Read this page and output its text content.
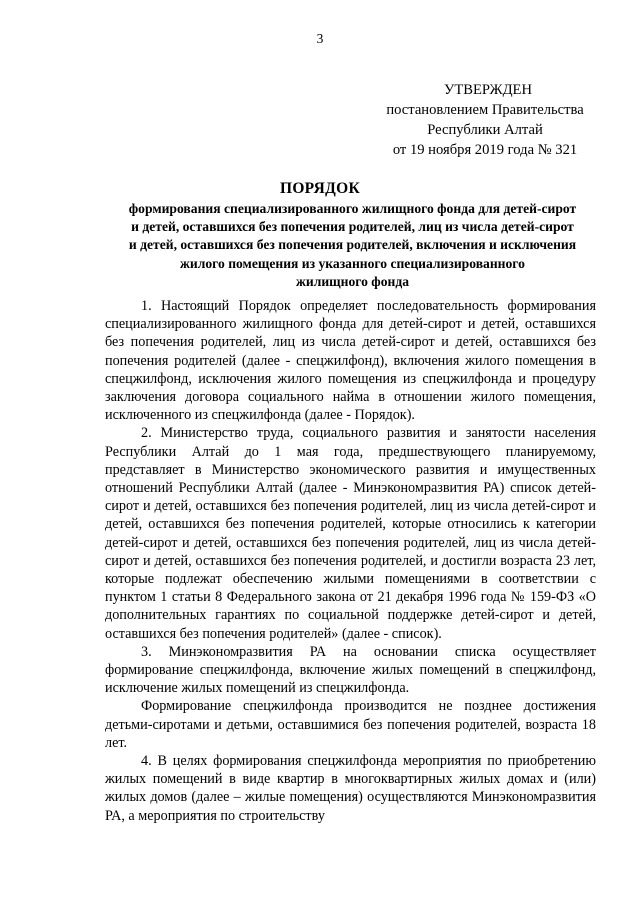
3
УТВЕРЖДЕН
постановлением Правительства
Республики Алтай
от 19 ноября 2019 года № 321
ПОРЯДОК
формирования специализированного жилищного фонда для детей-сирот
и детей, оставшихся без попечения родителей, лиц из числа детей-сирот
и детей, оставшихся без попечения родителей, включения и исключения
жилого помещения из указанного специализированного
жилищного фонда

1. Настоящий Порядок определяет последовательность формирования специализированного жилищного фонда для детей-сирот и детей, оставшихся без попечения родителей, лиц из числа детей-сирот и детей, оставшихся без попечения родителей (далее - спецжилфонд), включения жилого помещения в спецжилфонд, исключения жилого помещения из спецжилфонда и процедуру заключения договора социального найма в отношении жилого помещения, исключенного из спецжилфонда (далее - Порядок).

2. Министерство труда, социального развития и занятости населения Республики Алтай до 1 мая года, предшествующего планируемому, представляет в Министерство экономического развития и имущественных отношений Республики Алтай (далее - Минэкономразвития РА) список детей-сирот и детей, оставшихся без попечения родителей, лиц из числа детей-сирот и детей, оставшихся без попечения родителей, которые относились к категории детей-сирот и детей, оставшихся без попечения родителей, лиц из числа детей-сирот и детей, оставшихся без попечения родителей, и достигли возраста 23 лет, которые подлежат обеспечению жилыми помещениями в соответствии с пунктом 1 статьи 8 Федерального закона от 21 декабря 1996 года № 159-ФЗ «О дополнительных гарантиях по социальной поддержке детей-сирот и детей, оставшихся без попечения родителей» (далее - список).

3. Минэкономразвития РА на основании списка осуществляет формирование спецжилфонда, включение жилых помещений в спецжилфонд, исключение жилых помещений из спецжилфонда.

Формирование спецжилфонда производится не позднее достижения детьми-сиротами и детьми, оставшимися без попечения родителей, возраста 18 лет.

4. В целях формирования спецжилфонда мероприятия по приобретению жилых помещений в виде квартир в многоквартирных жилых домах и (или) жилых домов (далее – жилые помещения) осуществляются Минэкономразвития РА, а мероприятия по строительству
